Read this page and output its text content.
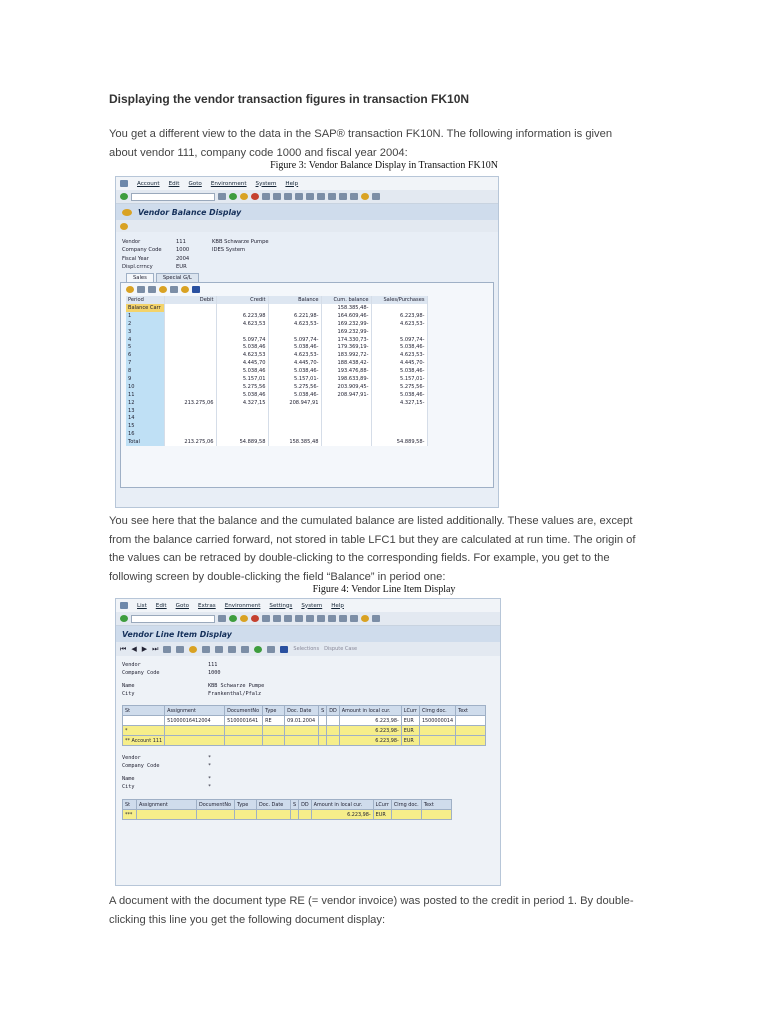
Displaying the vendor transaction figures in transaction FK10N
You get a different view to the data in the SAP® transaction FK10N. The following information is given
about vendor 111, company code 1000 and fiscal year 2004:
Figure 3: Vendor Balance Display in Transaction FK10N
Account Edit Goto Environment System Help
Vendor Balance Display
Vendor	111	KBB Schwarze Pumpe
Company Code	1000	IDES System
Fiscal Year	2004
Displ.crrncy	EUR
Sales	Special G/L
Period	Debit	Credit	Balance	Cum. balance	Sales/Purchases
Balance Carr				158.385,48-	
1		6.223,98	6.221,98-	164.609,46-	6.223,98-
2		4.623,53	4.623,53-	169.232,99-	4.623,53-
3				169.232,99-	
4		5.097,74	5.097,74-	174.330,73-	5.097,74-
5		5.038,46	5.038,46-	179.369,19-	5.038,46-
6		4.623,53	4.623,53-	183.992,72-	4.623,53-
7		4.445,70	4.445,70-	188.438,42-	4.445,70-
8		5.038,46	5.038,46-	193.476,88-	5.038,46-
9		5.157,01	5.157,01-	198.633,89-	5.157,01-
10		5.275,56	5.275,56-	203.909,45-	5.275,56-
11		5.038,46	5.038,46-	208.947,91-	5.038,46-
12	213.275,06	4.327,15	208.947,91		4.327,15-
13					
14					
15					
16					
Total	213.275,06	54.889,58	158.385,48		54.889,58-
You see here that the balance and the cumulated balance are listed additionally. These values are, except
from the balance carried forward, not stored in table LFC1 but they are calculated at run time. The origin of
the values can be retraced by double-clicking to the corresponding fields. For example, you get to the
following screen by double-clicking the field “Balance” in period one:
Figure 4: Vendor Line Item Display
List Edit Goto Extras Environment Settings System Help
Vendor Line Item Display
⏮ ◀ ▶ ⏭	Selections Dispute Case
Vendor	111
Company Code	1000
Name	KBB Schwarze Pumpe
City	Frankenthal/Pfalz
St	Assignment	DocumentNo	Type	Doc. Date	S	DD	Amount in local cur.	LCurr	Clrng doc.	Text
	51000016412004	5100001641	RE	09.01.2004			6.223,98-	EUR	1500000014	
*							6.223,98-	EUR		
** Account 111							6.223,98-	EUR		
Vendor	*
Company Code	*
Name	*
City	*
St	Assignment	DocumentNo	Type	Doc. Date	S	DD	Amount in local cur.	LCurr	Clrng doc.	Text
***							6.223,98-	EUR		
A document with the document type RE (= vendor invoice) was posted to the credit in period 1. By double-
clicking this line you get the following document display:
